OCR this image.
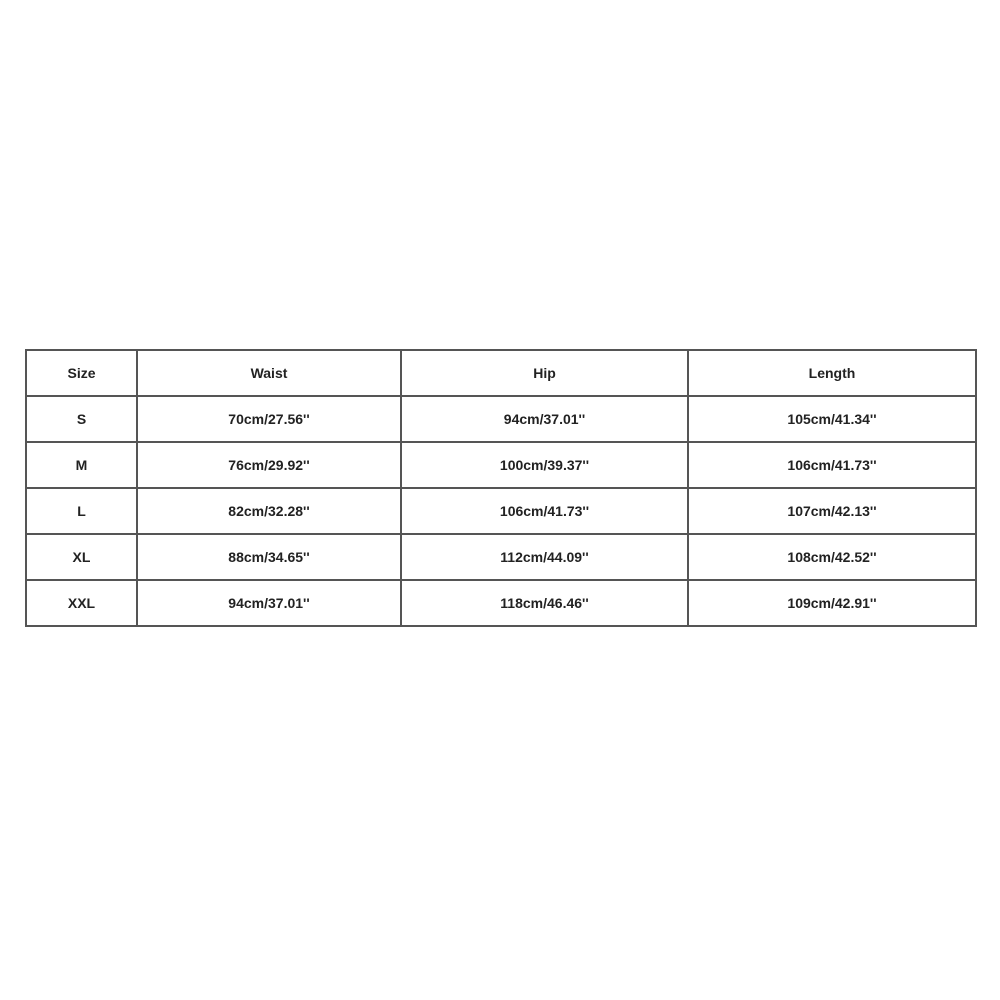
Size	Waist	Hip	Length
S	70cm/27.56''	94cm/37.01''	105cm/41.34''
M	76cm/29.92''	100cm/39.37''	106cm/41.73''
L	82cm/32.28''	106cm/41.73''	107cm/42.13''
XL	88cm/34.65''	112cm/44.09''	108cm/42.52''
XXL	94cm/37.01''	118cm/46.46''	109cm/42.91''
